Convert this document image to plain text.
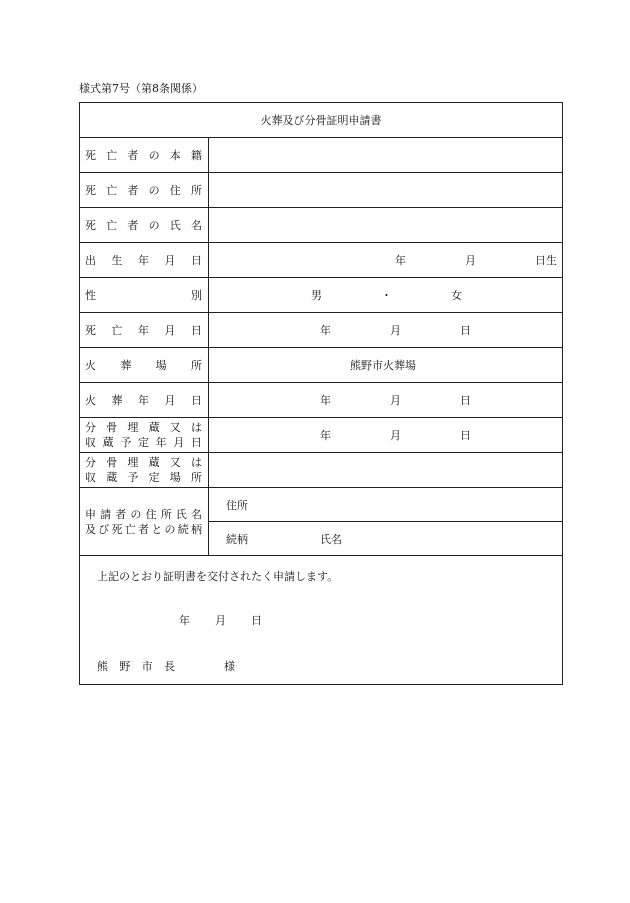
様式第7号（第8条関係）
火葬及び分骨証明申請書
死 亡 者 の 本 籍
死 亡 者 の 住 所
死 亡 者 の 氏 名
出 生 年 月 日	年	月	日生
性	別	男	・	女
死 亡 年 月 日	年	月	日
火 葬 場 所	熊野市火葬場
火 葬 年 月 日	年	月	日
分 骨 埋 蔵 又 は
収 蔵 予 定 年 月 日
年	月	日
分 骨 埋 蔵 又 は
収 蔵 予 定 場 所
申 請 者 の 住 所 氏 名
及 び 死 亡 者 と の 続 柄
住所
続柄	氏名
上記のとおり証明書を交付されたく申請します。
年 月 日
熊 野 市 長	様
